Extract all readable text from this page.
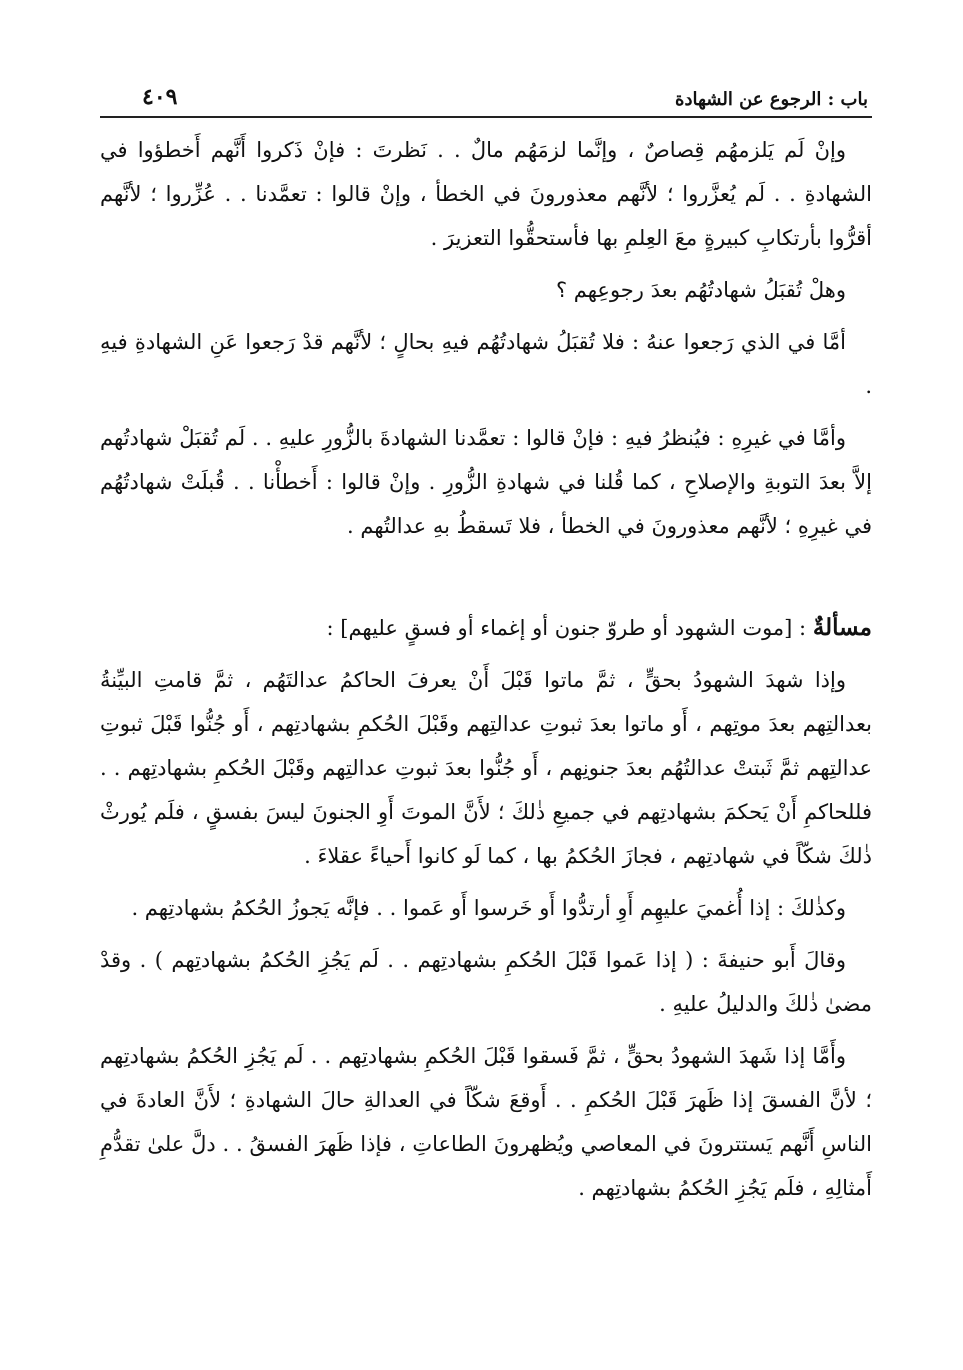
باب : الرجوع عن الشهادة
٤٠٩

وإنْ لَم يَلزمهُم قِصاصٌ ، وإنَّما لزمَهُم مالٌ . . نَظرتَ : فإنْ ذَكروا أَنَّهم أَخطؤوا في الشهادةِ . . لَم يُعزَّروا ؛ لأنَّهم معذورونَ في الخطأ ، وإنْ قالوا : تعمَّدنا . . عُزِّروا ؛ لأنَّهم أقرُّوا بأرتكابِ كبيرةٍ معَ العِلمِ بها فأستحقُّوا التعزيرَ .

وهلْ تُقبَلُ شهادتُهُم بعدَ رجوعِهم ؟

أمَّا في الذي رَجعوا عنهُ : فلا تُقبَلُ شهادتُهُم فيهِ بحالٍ ؛ لأنَّهم قدْ رَجعوا عَنِ الشهادةِ فيهِ .

وأمَّا في غيرِهِ : فيُنظرُ فيهِ : فإنْ قالوا : تعمَّدنا الشهادةَ بالزُّورِ عليهِ . . لَم تُقبَلْ شهادتُهم إلاَّ بعدَ التوبةِ والإصلاحِ ، كما قُلنا في شهادةِ الزُّورِ . وإنْ قالوا : أَخطأْنا . . قُبلَتْ شهادتُهُم في غيرِهِ ؛ لأنَّهم معذورونَ في الخطأ ، فلا تَسقطُ بهِ عدالتُهم .

مسألةٌ : [موت الشهود أو طروّ جنون أو إغماء أو فسقٍ عليهم] :

وإذا شهدَ الشهودُ بحقٍّ ، ثمَّ ماتوا قَبْلَ أَنْ يعرفَ الحاكمُ عدالتَهُم ، ثمَّ قامتِ البيِّنةُ بعدالتِهم بعدَ موتِهم ، أَو ماتوا بعدَ ثبوتِ عدالتِهم وقَبْلَ الحُكمِ بشهادتِهم ، أَو جُنُّوا قَبْلَ ثبوتِ عدالتِهم ثمَّ ثَبتتْ عدالتُهُم بعدَ جنونِهم ، أَو جُنُّوا بعدَ ثبوتِ عدالتِهم وقَبْلَ الحُكمِ بشهادتِهم . . فللحاكمِ أَنْ يَحكمَ بشهادتِهم في جميعِ ذٰلكَ ؛ لأَنَّ الموتَ أَوِ الجنونَ ليسَ بفسقٍ ، فلَم يُورثْ ذٰلكَ شكّاً في شهادتِهم ، فجازَ الحُكمُ بها ، كما لَو كانوا أَحياءً عقلاءَ .

وكذٰلكَ : إذا أُغميَ عليهِم أَوِ أرتدُّوا أَو خَرسوا أَو عَموا . . فإنَّه يَجوزُ الحُكمُ بشهادتِهم .

وقالَ أَبو حنيفةَ : ( إذا عَموا قَبْلَ الحُكمِ بشهادتِهم . . لَم يَجُزِ الحُكمُ بشهادتِهم ) . وقدْ مضىٰ ذٰلكَ والدليلُ عليهِ .

وأَمَّا إذا شَهدَ الشهودُ بحقٍّ ، ثمَّ فَسقوا قَبْلَ الحُكمِ بشهادتِهم . . لَم يَجُزِ الحُكمُ بشهادتِهم ؛ لأنَّ الفسقَ إذا ظَهرَ قَبْلَ الحُكمِ . . أَوقعَ شكّاً في العدالةِ حالَ الشهادةِ ؛ لأَنَّ العادةَ في الناسِ أَنَّهم يَستترونَ في المعاصي ويُظهرونَ الطاعاتِ ، فإذا ظَهرَ الفسقُ . . دلَّ علىٰ تقدُّمِ أَمثالِهِ ، فلَم يَجُزِ الحُكمُ بشهادتِهم .
